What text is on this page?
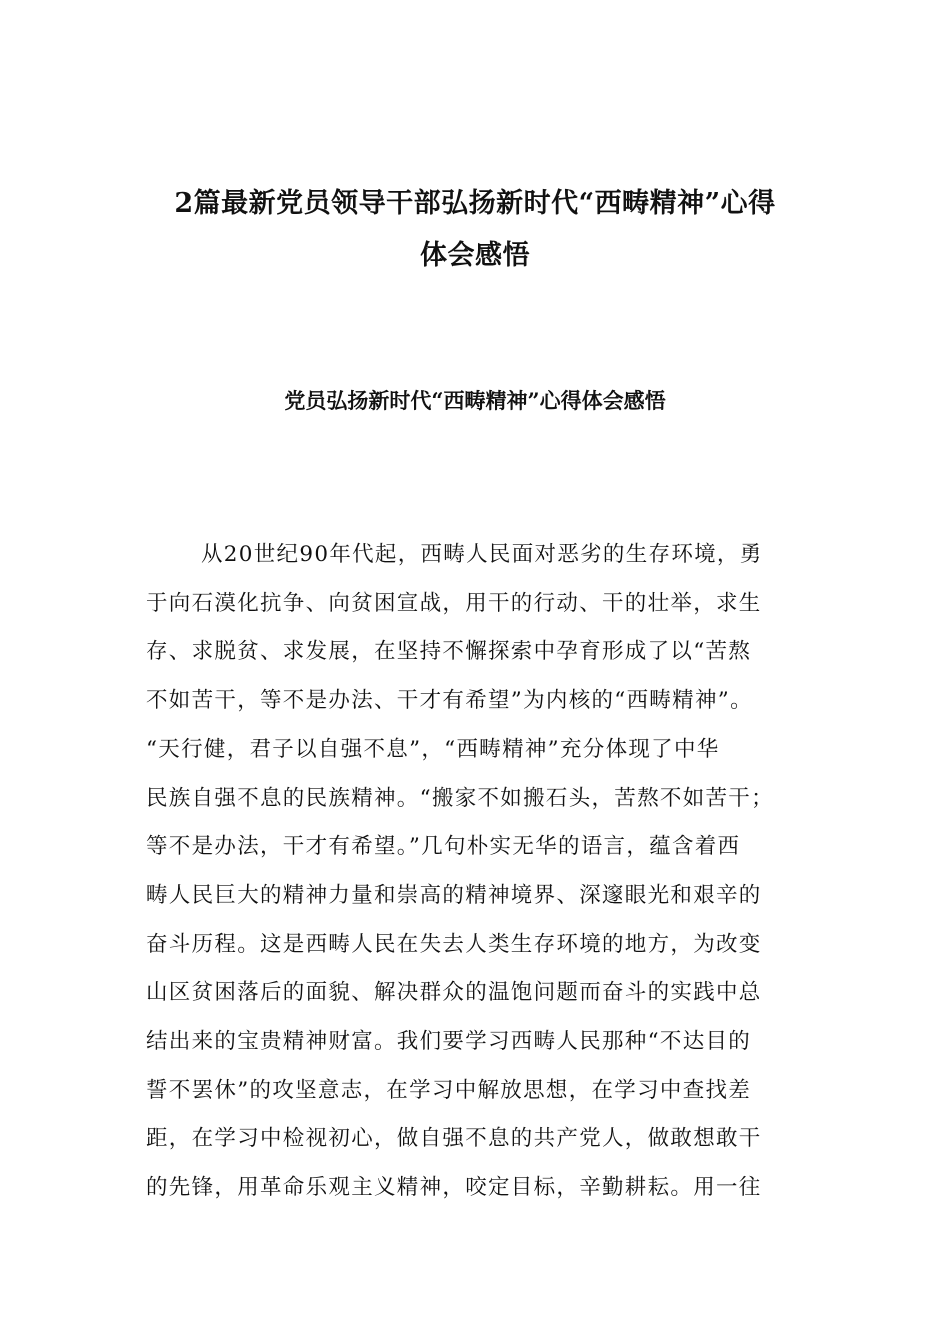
2篇最新党员领导干部弘扬新时代“西畴精神”心得
体会感悟
党员弘扬新时代“西畴精神”心得体会感悟
从20世纪90年代起，西畴人民面对恶劣的生存环境，勇
于向石漠化抗争、向贫困宣战，用干的行动、干的壮举，求生
存、求脱贫、求发展，在坚持不懈探索中孕育形成了以“苦熬
不如苦干，等不是办法、干才有希望”为内核的“西畴精神”。
“天行健，君子以自强不息”，“西畴精神”充分体现了中华
民族自强不息的民族精神。“搬家不如搬石头，苦熬不如苦干；
等不是办法，干才有希望。”几句朴实无华的语言，蕴含着西
畴人民巨大的精神力量和崇高的精神境界、深邃眼光和艰辛的
奋斗历程。这是西畴人民在失去人类生存环境的地方，为改变
山区贫困落后的面貌、解决群众的温饱问题而奋斗的实践中总
结出来的宝贵精神财富。我们要学习西畴人民那种“不达目的
誓不罢休”的攻坚意志，在学习中解放思想，在学习中查找差
距，在学习中检视初心，做自强不息的共产党人，做敢想敢干
的先锋，用革命乐观主义精神，咬定目标，辛勤耕耘。用一往
